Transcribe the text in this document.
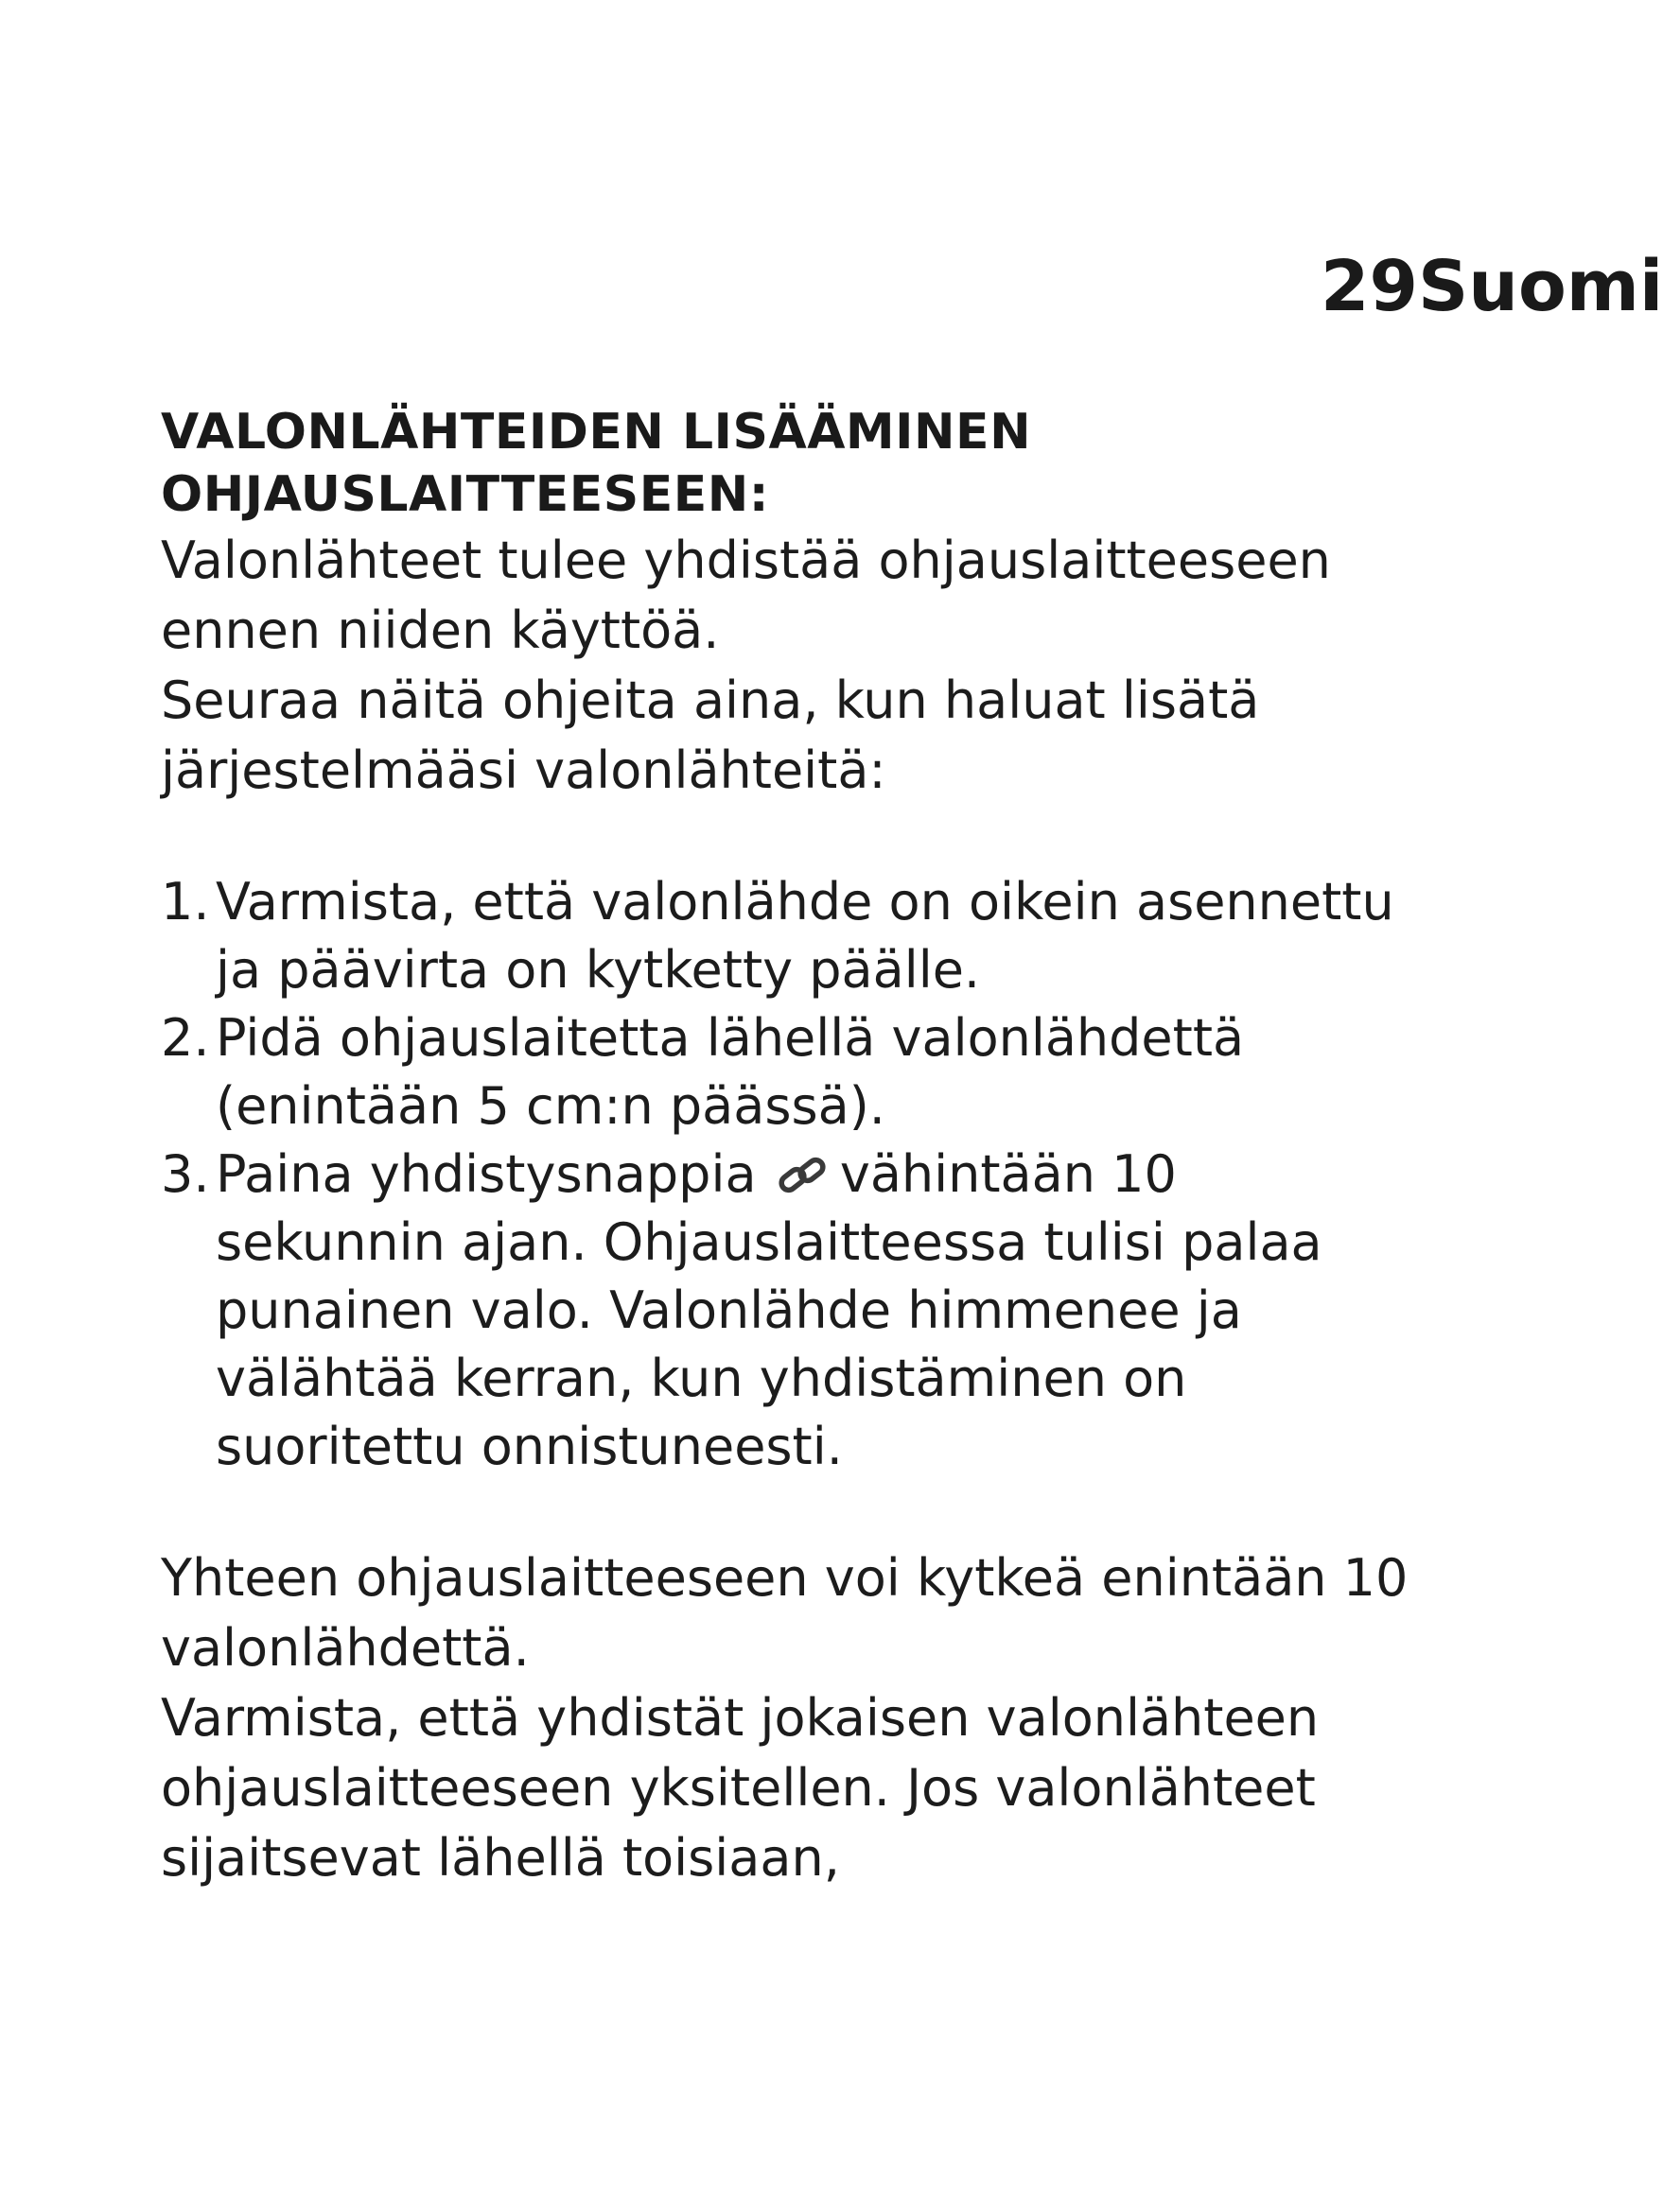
29Suomi
VALONLÄHTEIDEN LISÄÄMINEN
OHJAUSLAITTEESEEN:

Valonlähteet tulee yhdistää ohjauslaitteeseen ennen niiden käyttöä.

Seuraa näitä ohjeita aina, kun haluat lisätä järjestelmääsi valonlähteitä:

1. Varmista, että valonlähde on oikein asennettu ja päävirta on kytketty päälle.
2. Pidä ohjauslaitetta lähellä valonlähdettä (enintään 5 cm:n päässä).
3. Paina yhdistysnappia  vähintään 10 sekunnin ajan. Ohjauslaitteessa tulisi palaa punainen valo. Valonlähde himmenee ja välähtää kerran, kun yhdistäminen on suoritettu onnistuneesti.

Yhteen ohjauslaitteeseen voi kytkeä enintään 10 valonlähdettä.

Varmista, että yhdistät jokaisen valonlähteen ohjauslaitteeseen yksitellen. Jos valonlähteet sijaitsevat lähellä toisiaan,
